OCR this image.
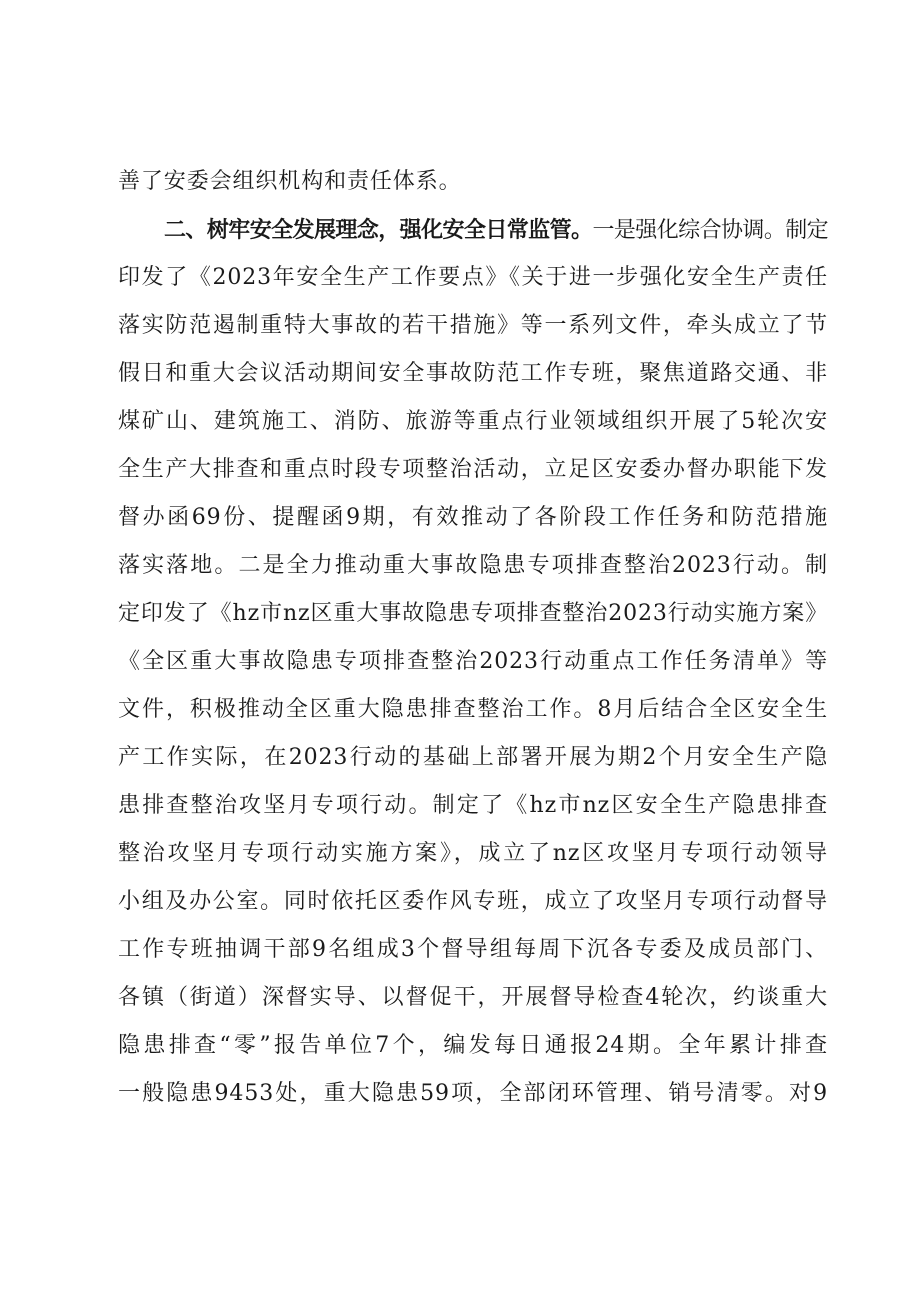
善了安委会组织机构和责任体系。
二、树牢安全发展理念，强化安全日常监管。一是强化综合协调。制定
印发了《2023年安全生产工作要点》《关于进一步强化安全生产责任
落实防范遏制重特大事故的若干措施》等一系列文件，牵头成立了节
假日和重大会议活动期间安全事故防范工作专班，聚焦道路交通、非
煤矿山、建筑施工、消防、旅游等重点行业领域组织开展了5轮次安
全生产大排查和重点时段专项整治活动，立足区安委办督办职能下发
督办函69份、提醒函9期，有效推动了各阶段工作任务和防范措施
落实落地。二是全力推动重大事故隐患专项排查整治2023行动。制
定印发了《hz市nz区重大事故隐患专项排查整治2023行动实施方案》
《全区重大事故隐患专项排查整治2023行动重点工作任务清单》等
文件，积极推动全区重大隐患排查整治工作。8月后结合全区安全生
产工作实际，在2023行动的基础上部署开展为期2个月安全生产隐
患排查整治攻坚月专项行动。制定了《hz市nz区安全生产隐患排查
整治攻坚月专项行动实施方案》，成立了nz区攻坚月专项行动领导
小组及办公室。同时依托区委作风专班，成立了攻坚月专项行动督导
工作专班抽调干部9名组成3个督导组每周下沉各专委及成员部门、
各镇（街道）深督实导、以督促干，开展督导检查4轮次，约谈重大
隐患排查“零”报告单位7个，编发每日通报24期。全年累计排查
一般隐患9453处，重大隐患59项，全部闭环管理、销号清零。对9
